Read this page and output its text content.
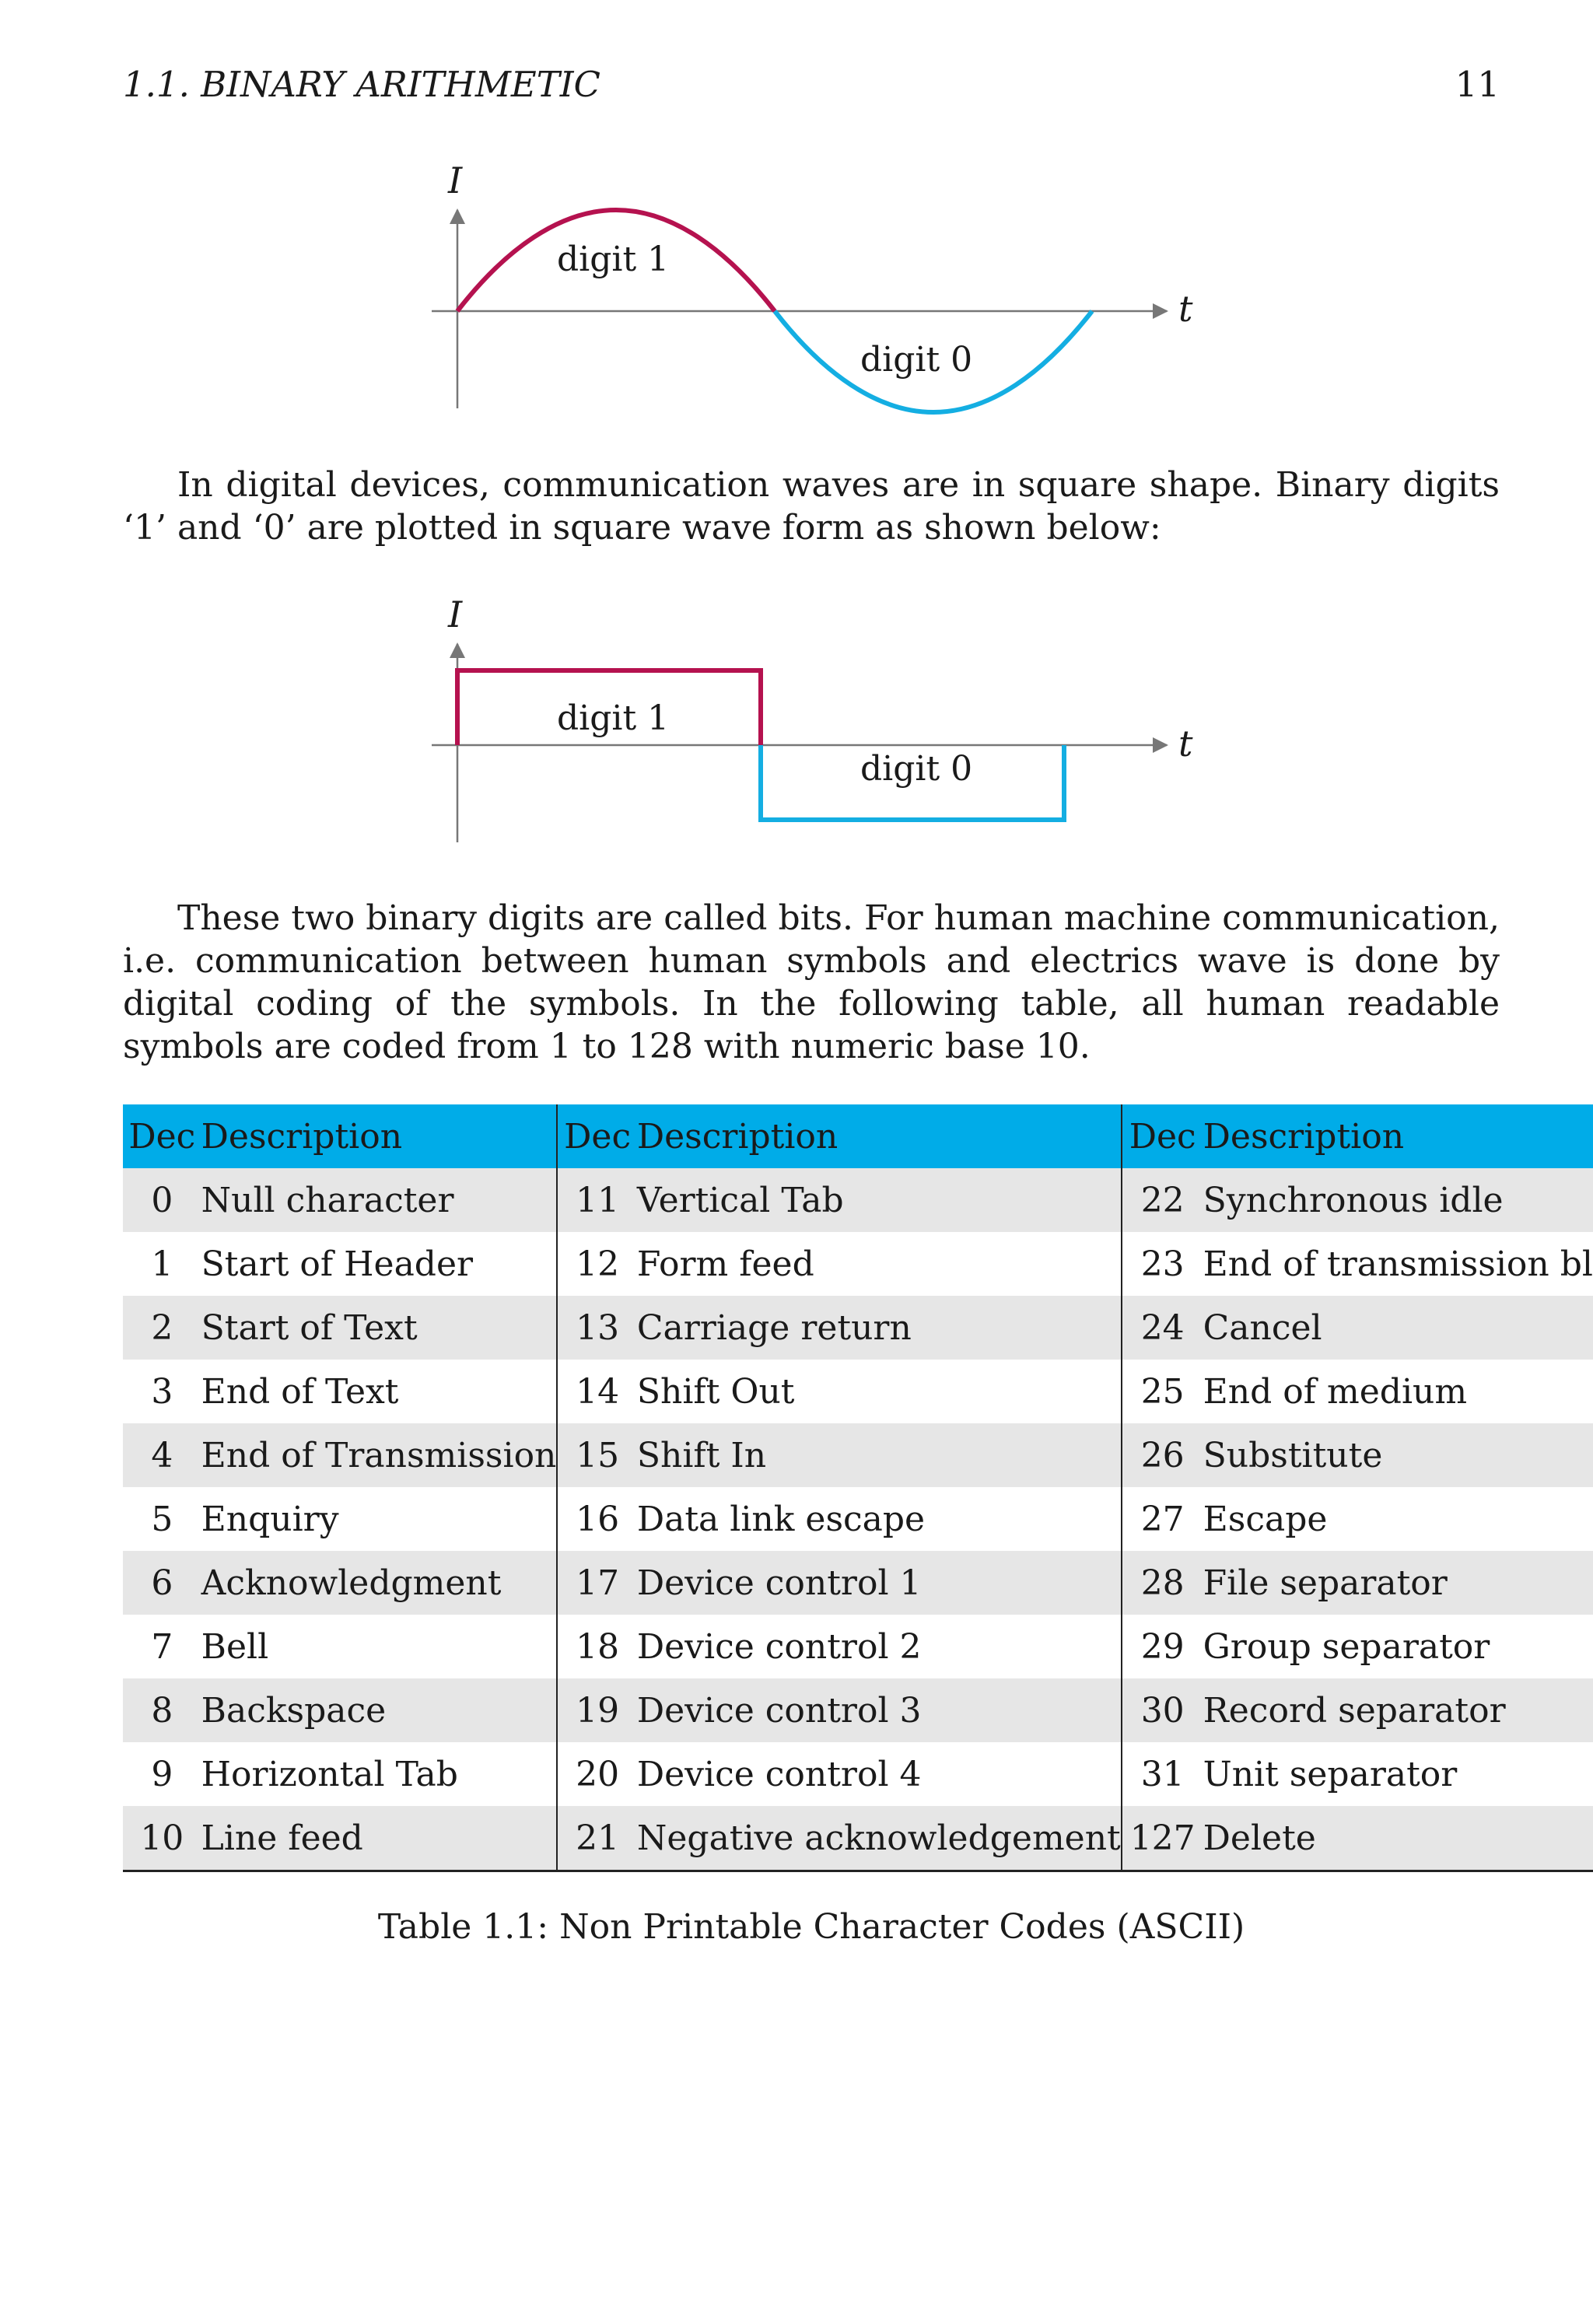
1.1. BINARY ARITHMETIC	11
I
t
digit 1
digit 0

In digital devices, communication waves are in square shape. Binary digits ‘1’ and ‘0’ are plotted in square wave form as shown below:

I
t
digit 1
digit 0

These two binary digits are called bits. For human machine communication, i.e. communication between human symbols and electrics wave is done by digital coding of the symbols. In the following table, all human readable symbols are coded from 1 to 128 with numeric base 10.

Dec	Description	Dec	Description	Dec	Description
0	Null character	11	Vertical Tab	22	Synchronous idle
1	Start of Header	12	Form feed	23	End of transmission bl
2	Start of Text	13	Carriage return	24	Cancel
3	End of Text	14	Shift Out	25	End of medium
4	End of Transmission	15	Shift In	26	Substitute
5	Enquiry	16	Data link escape	27	Escape
6	Acknowledgment	17	Device control 1	28	File separator
7	Bell	18	Device control 2	29	Group separator
8	Backspace	19	Device control 3	30	Record separator
9	Horizontal Tab	20	Device control 4	31	Unit separator
10	Line feed	21	Negative acknowledgement	127	Delete
Table 1.1: Non Printable Character Codes (ASCII)
